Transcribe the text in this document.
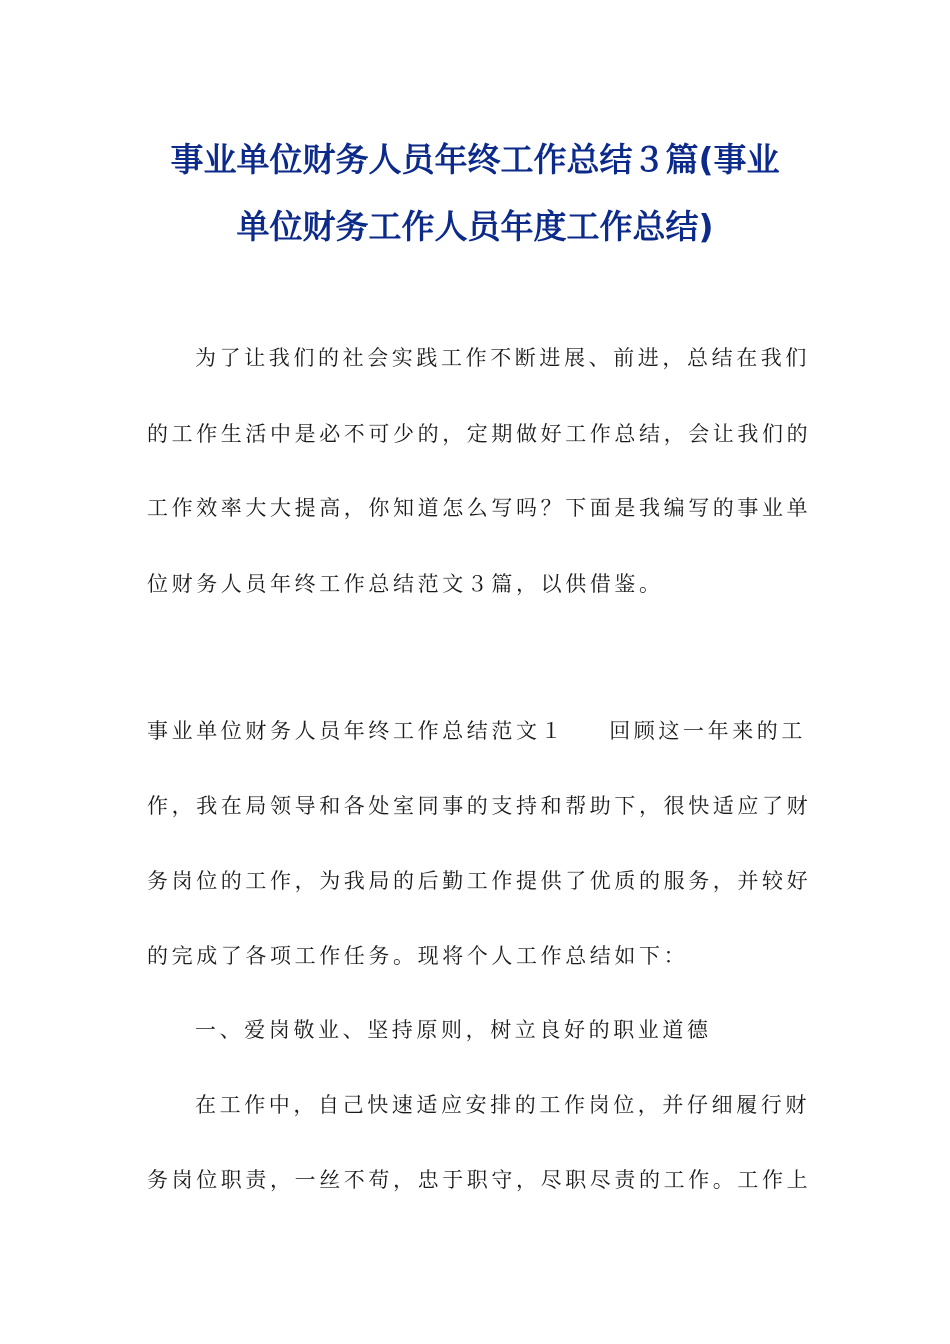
事业单位财务人员年终工作总结３篇(事业
单位财务工作人员年度工作总结)
为了让我们的社会实践工作不断进展、前进，总结在我们
的工作生活中是必不可少的，定期做好工作总结，会让我们的
工作效率大大提高，你知道怎么写吗？下面是我编写的事业单
位财务人员年终工作总结范文３篇，以供借鉴。
事业单位财务人员年终工作总结范文１ 回顾这一年来的工
作，我在局领导和各处室同事的支持和帮助下，很快适应了财
务岗位的工作，为我局的后勤工作提供了优质的服务，并较好
的完成了各项工作任务。现将个人工作总结如下：
一、爱岗敬业、坚持原则，树立良好的职业道德
在工作中，自己快速适应安排的工作岗位，并仔细履行财
务岗位职责，一丝不苟，忠于职守，尽职尽责的工作。工作上
